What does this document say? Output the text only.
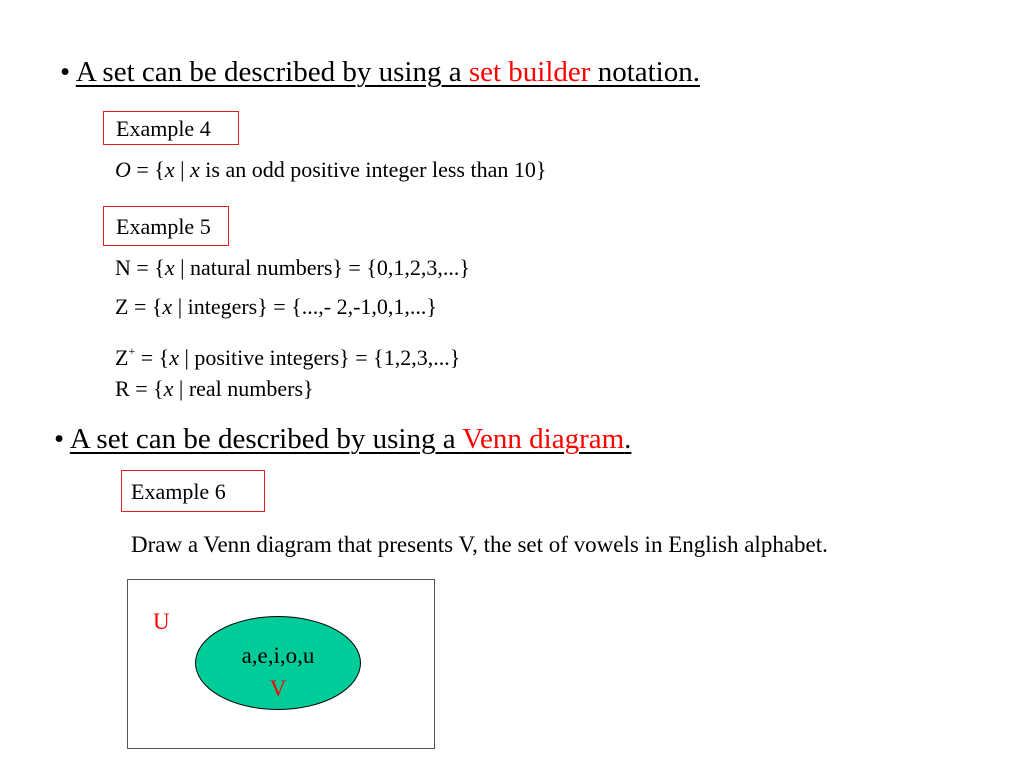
• A set can be described by using a set builder notation.
Example 4
O = {x | x is an odd positive integer less than 10}
Example 5
N = {x | natural numbers} = {0,1,2,3,...}
Z = {x | integers} = {...,- 2,-1,0,1,...}
Z+ = {x | positive integers} = {1,2,3,...}
R = {x | real numbers}
• A set can be described by using a Venn diagram.
Example 6
Draw a Venn diagram that presents V, the set of vowels in English alphabet.
U
a,e,i,o,u
V
